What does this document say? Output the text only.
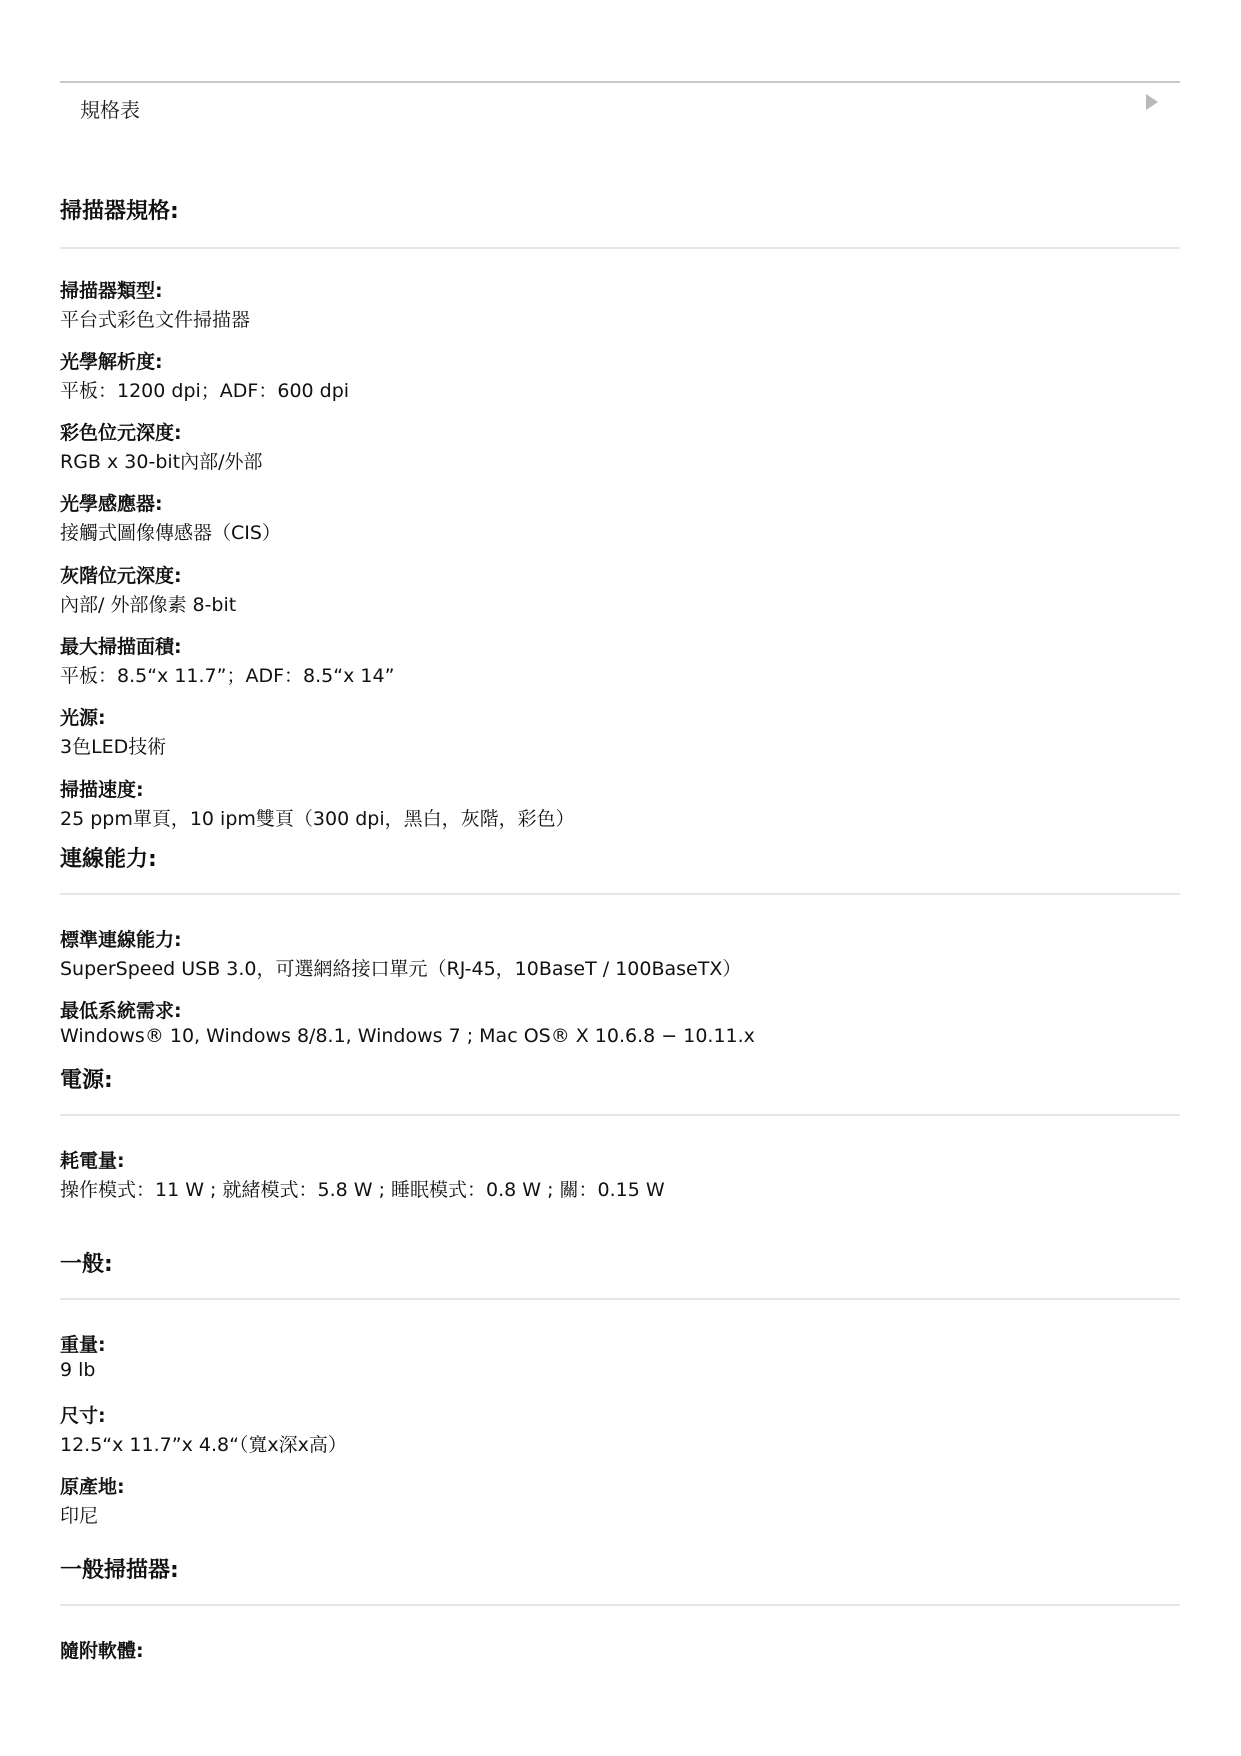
規格表
掃描器規格:
掃描器類型:
平台式彩色文件掃描器
光學解析度:
平板：1200 dpi；ADF：600 dpi
彩色位元深度:
RGB x 30-bit內部/外部
光學感應器:
接觸式圖像傳感器（CIS）
灰階位元深度:
內部/ 外部像素 8-bit
最大掃描面積:
平板：8.5“x 11.7”；ADF：8.5“x 14”
光源:
3色LED技術
掃描速度:
25 ppm單頁，10 ipm雙頁（300 dpi，黑白，灰階，彩色）
連線能力:
標準連線能力:
SuperSpeed USB 3.0，可選網絡接口單元（RJ-45，10BaseT / 100BaseTX）
最低系統需求:
Windows® 10, Windows 8/8.1, Windows 7 ; Mac OS® X 10.6.8 − 10.11.x
電源:
耗電量:
操作模式：11 W ; 就緒模式：5.8 W ; 睡眠模式：0.8 W ; 關：0.15 W
一般:
重量:
9 lb
尺寸:
12.5“x 11.7”x 4.8“（寬x深x高）
原產地:
印尼
一般掃描器:
隨附軟體:
